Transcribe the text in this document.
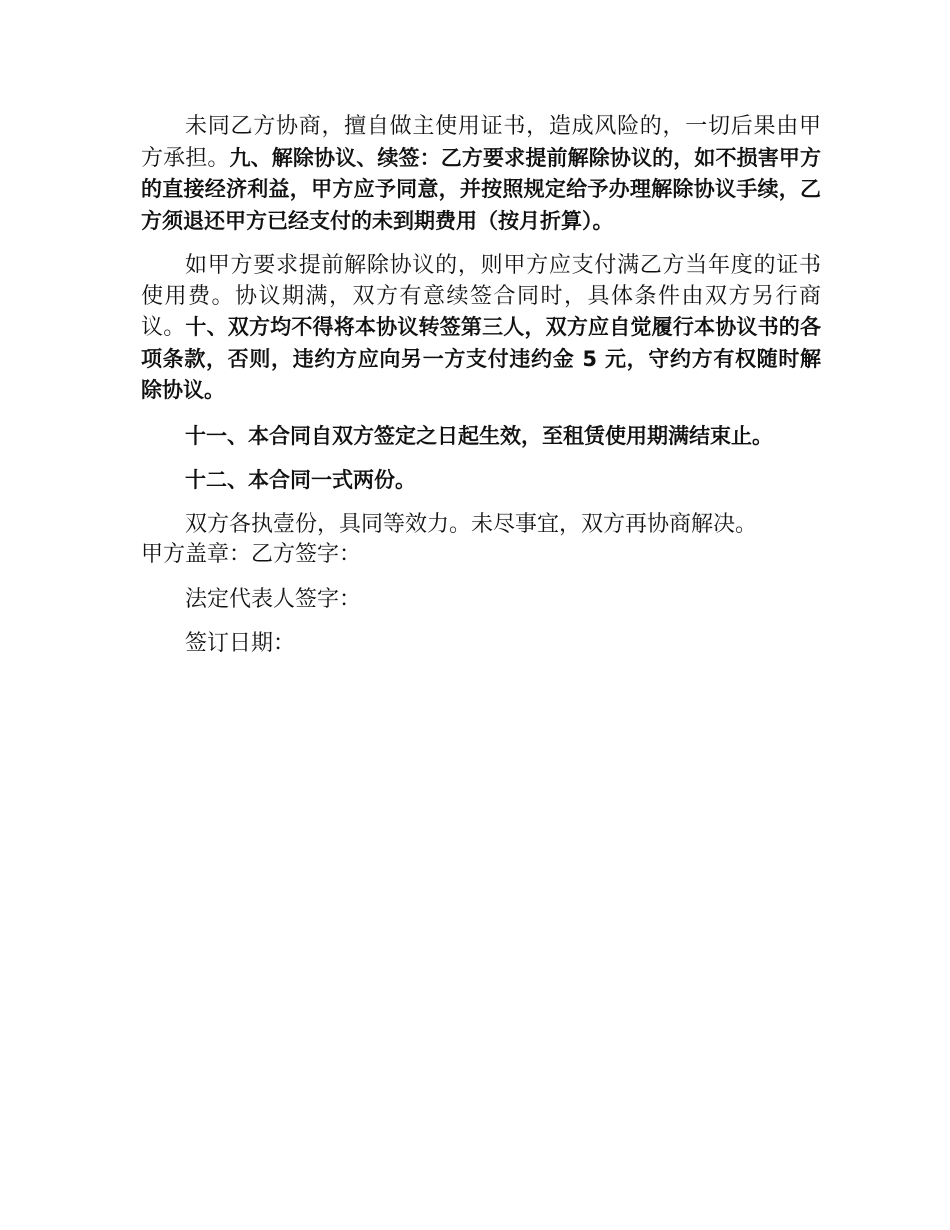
未同乙方协商，擅自做主使用证书，造成风险的，一切后果由甲方承担。九、解除协议、续签：乙方要求提前解除协议的，如不损害甲方的直接经济利益，甲方应予同意，并按照规定给予办理解除协议手续，乙方须退还甲方已经支付的未到期费用（按月折算）。

如甲方要求提前解除协议的，则甲方应支付满乙方当年度的证书使用费。协议期满，双方有意续签合同时，具体条件由双方另行商议。十、双方均不得将本协议转签第三人，双方应自觉履行本协议书的各项条款，否则，违约方应向另一方支付违约金 5 元，守约方有权随时解除协议。

十一、本合同自双方签定之日起生效，至租赁使用期满结束止。

十二、本合同一式两份。

双方各执壹份，具同等效力。未尽事宜，双方再协商解决。

甲方盖章：乙方签字：

法定代表人签字：

签订日期：
